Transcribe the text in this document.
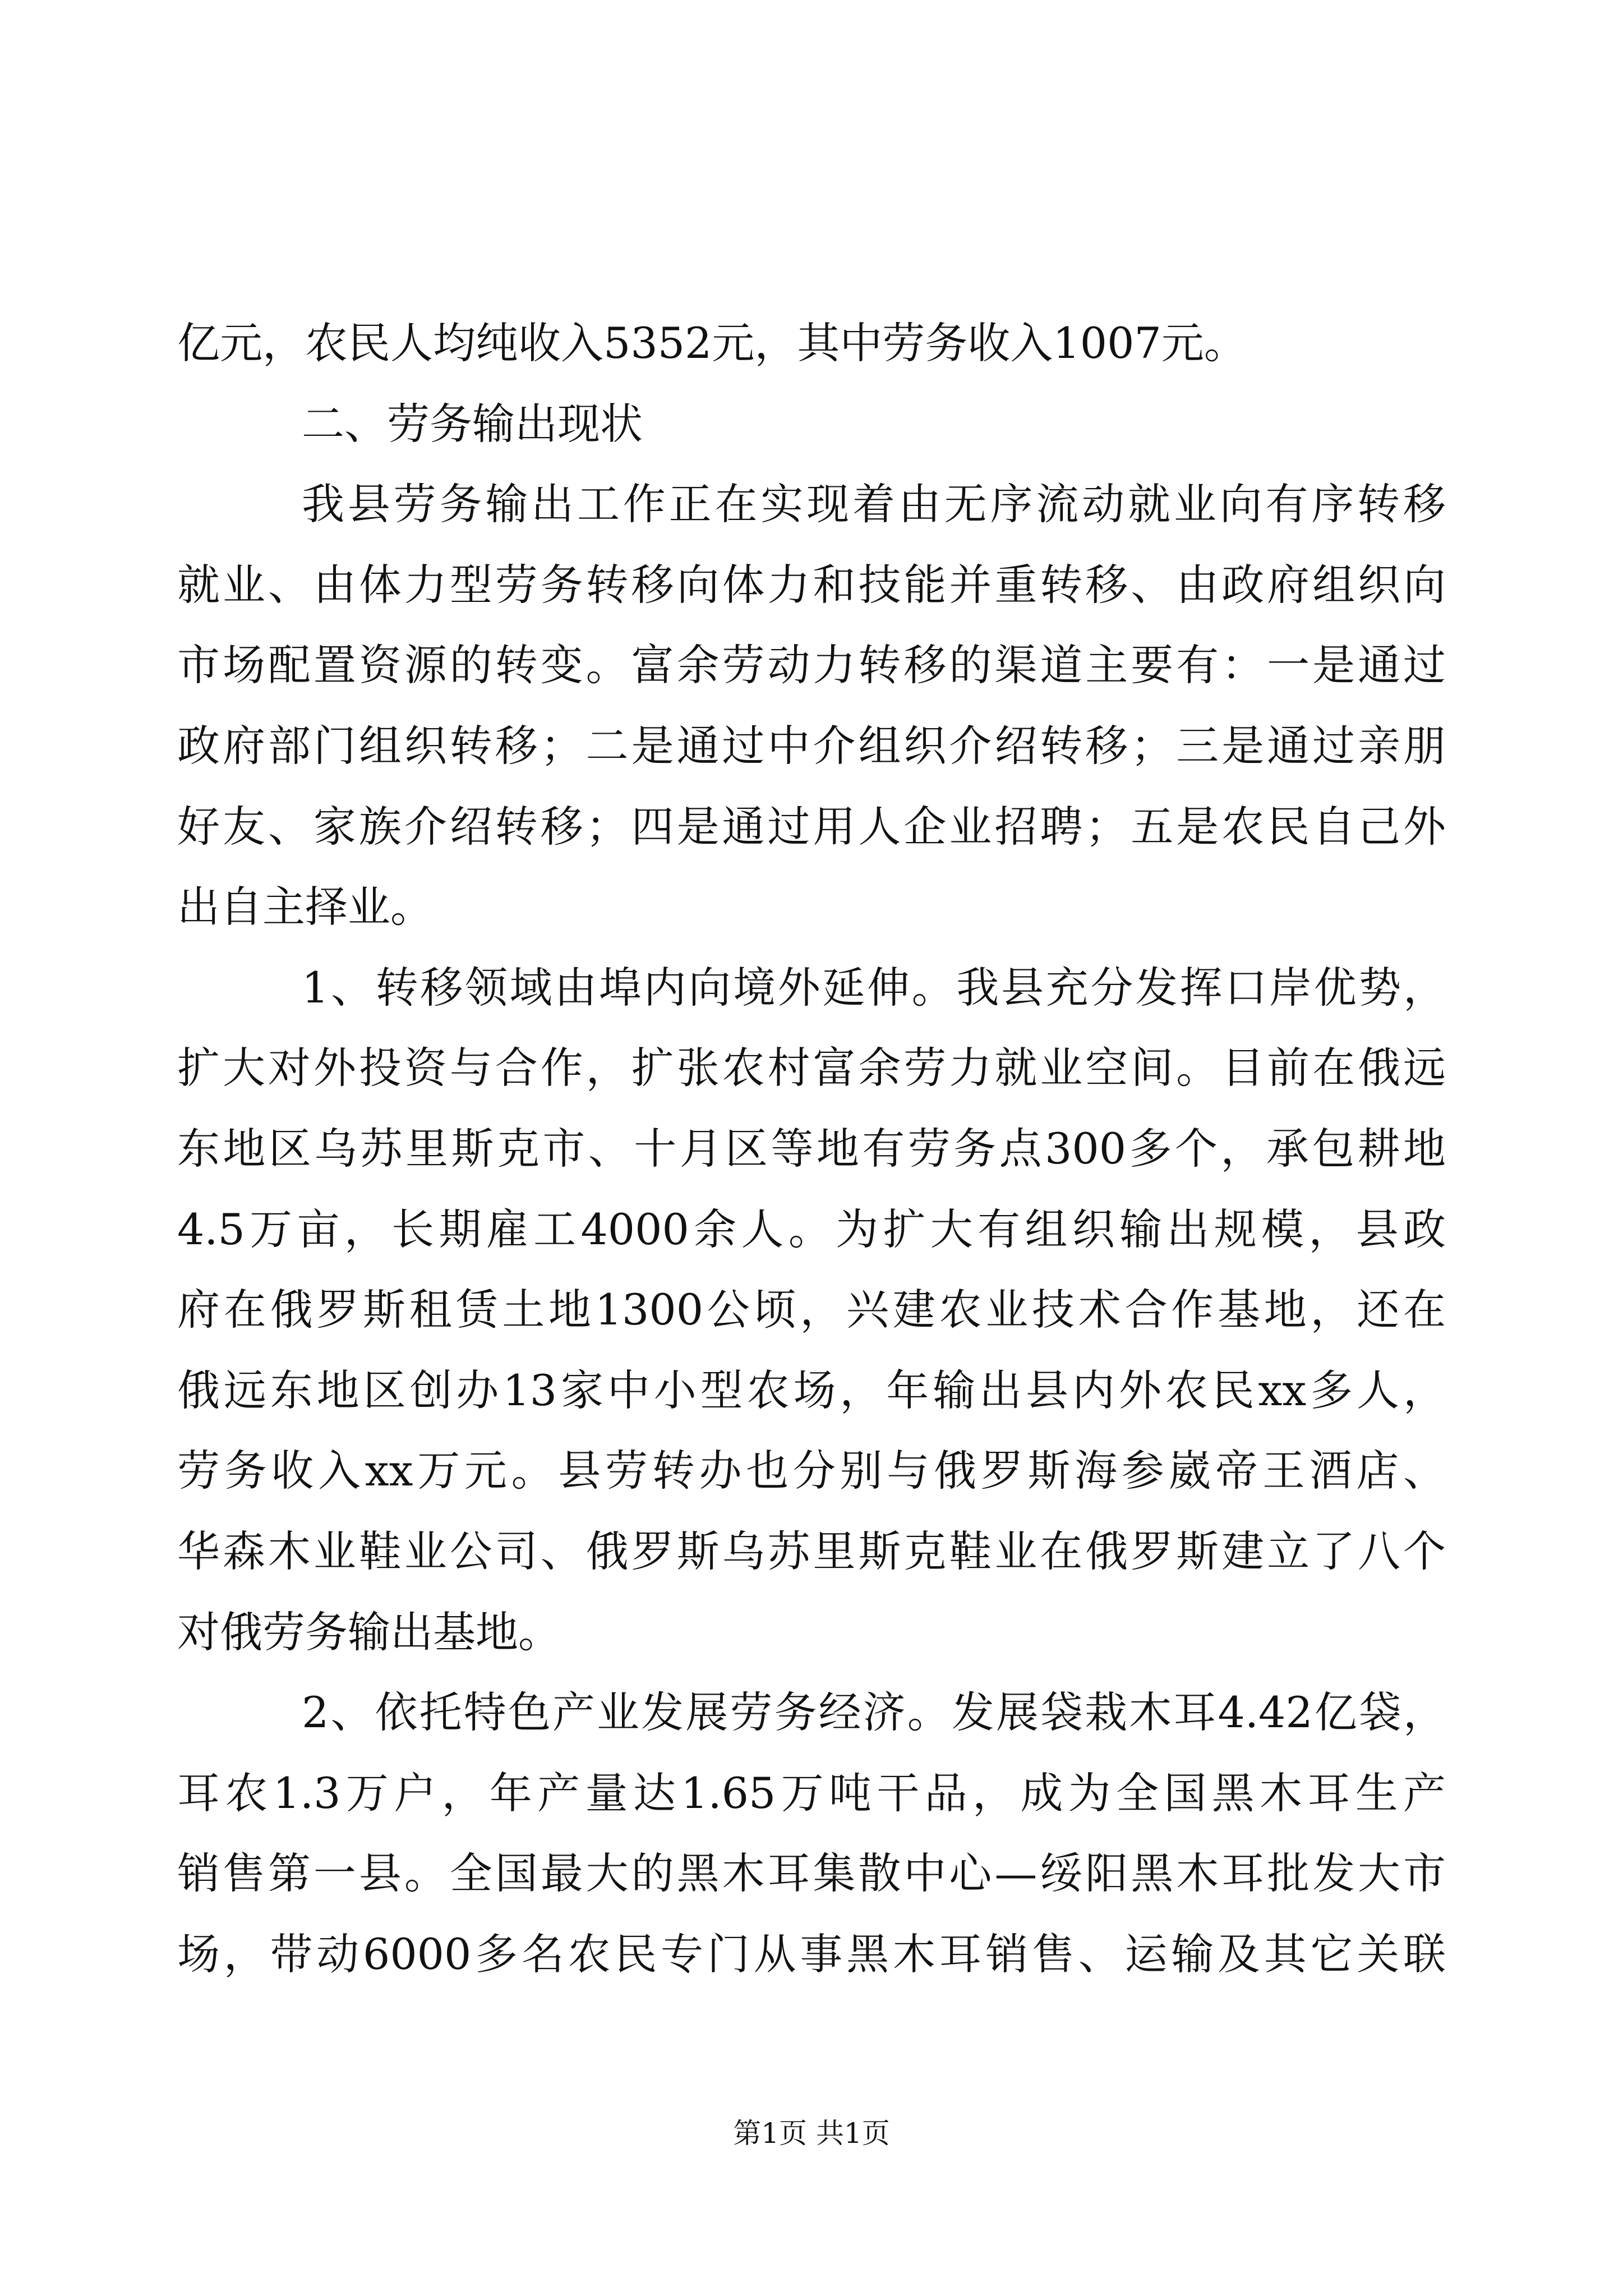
亿元，农民人均纯收入5352元，其中劳务收入1007元。
二、劳务输出现状
我县劳务输出工作正在实现着由无序流动就业向有序转移
就业、由体力型劳务转移向体力和技能并重转移、由政府组织向
市场配置资源的转变。富余劳动力转移的渠道主要有：一是通过
政府部门组织转移；二是通过中介组织介绍转移；三是通过亲朋
好友、家族介绍转移；四是通过用人企业招聘；五是农民自己外
出自主择业。
1、转移领域由埠内向境外延伸。我县充分发挥口岸优势，
扩大对外投资与合作，扩张农村富余劳力就业空间。目前在俄远
东地区乌苏里斯克市、十月区等地有劳务点300多个，承包耕地
4.5万亩，长期雇工4000余人。为扩大有组织输出规模，县政
府在俄罗斯租赁土地1300公顷，兴建农业技术合作基地，还在
俄远东地区创办13家中小型农场，年输出县内外农民xx多人，
劳务收入xx万元。县劳转办也分别与俄罗斯海参崴帝王酒店、
华森木业鞋业公司、俄罗斯乌苏里斯克鞋业在俄罗斯建立了八个
对俄劳务输出基地。
2、依托特色产业发展劳务经济。发展袋栽木耳4.42亿袋，
耳农1.3万户，年产量达1.65万吨干品，成为全国黑木耳生产
销售第一县。全国最大的黑木耳集散中心—绥阳黑木耳批发大市
场，带动6000多名农民专门从事黑木耳销售、运输及其它关联
第1页 共1页
